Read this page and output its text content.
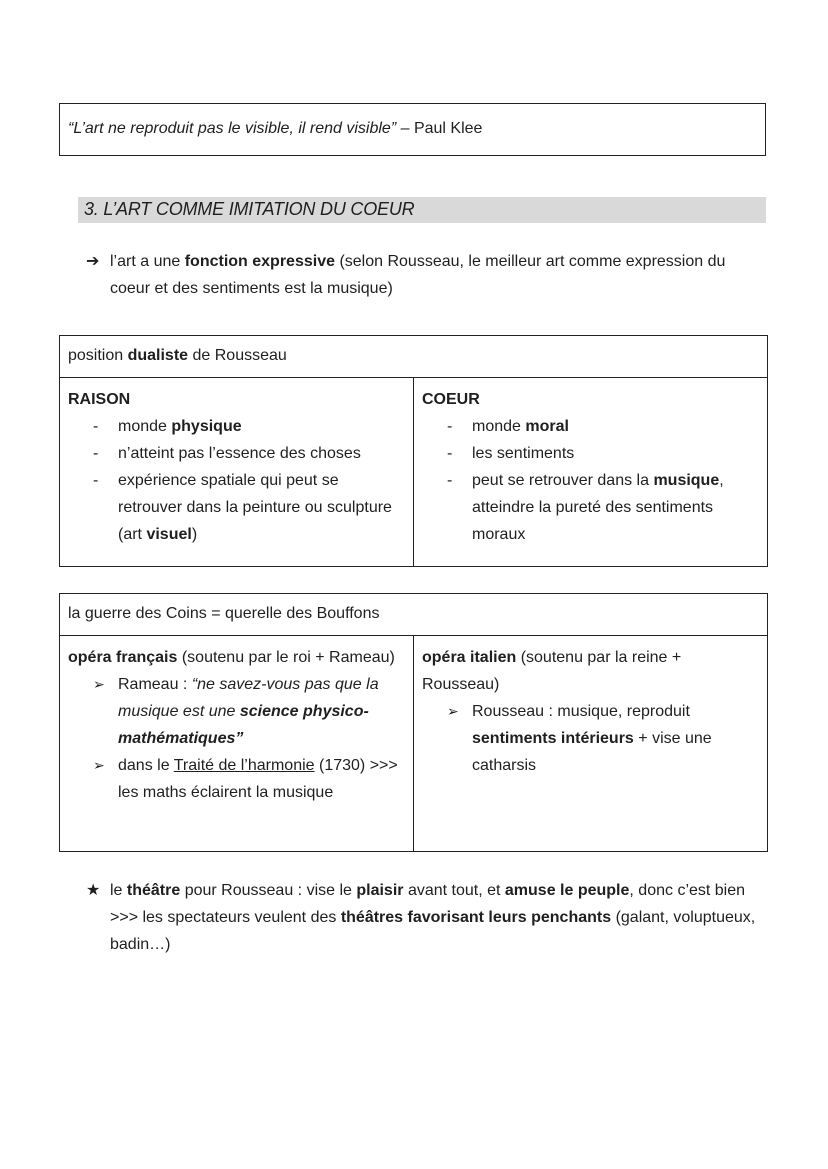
“L’art ne reproduit pas le visible, il rend visible” – Paul Klee
3. L’ART COMME IMITATION DU COEUR
➔ l’art a une fonction expressive (selon Rousseau, le meilleur art comme expression du coeur et des sentiments est la musique)
position dualiste de Rousseau
RAISON
- monde physique
- n’atteint pas l’essence des choses
- expérience spatiale qui peut se retrouver dans la peinture ou sculpture (art visuel)
	COEUR
- monde moral
- les sentiments
- peut se retrouver dans la musique, atteindre la pureté des sentiments moraux
la guerre des Coins = querelle des Bouffons
opéra français (soutenu par le roi + Rameau)
➢ Rameau : “ne savez-vous pas que la musique est une science physico-mathématiques”
➢ dans le Traité de l’harmonie (1730) >>> les maths éclairent la musique
	opéra italien (soutenu par la reine + Rousseau)
➢ Rousseau : musique, reproduit sentiments intérieurs + vise une catharsis
★ le théâtre pour Rousseau : vise le plaisir avant tout, et amuse le peuple, donc c’est bien >>> les spectateurs veulent des théâtres favorisant leurs penchants (galant, voluptueux, badin…)
